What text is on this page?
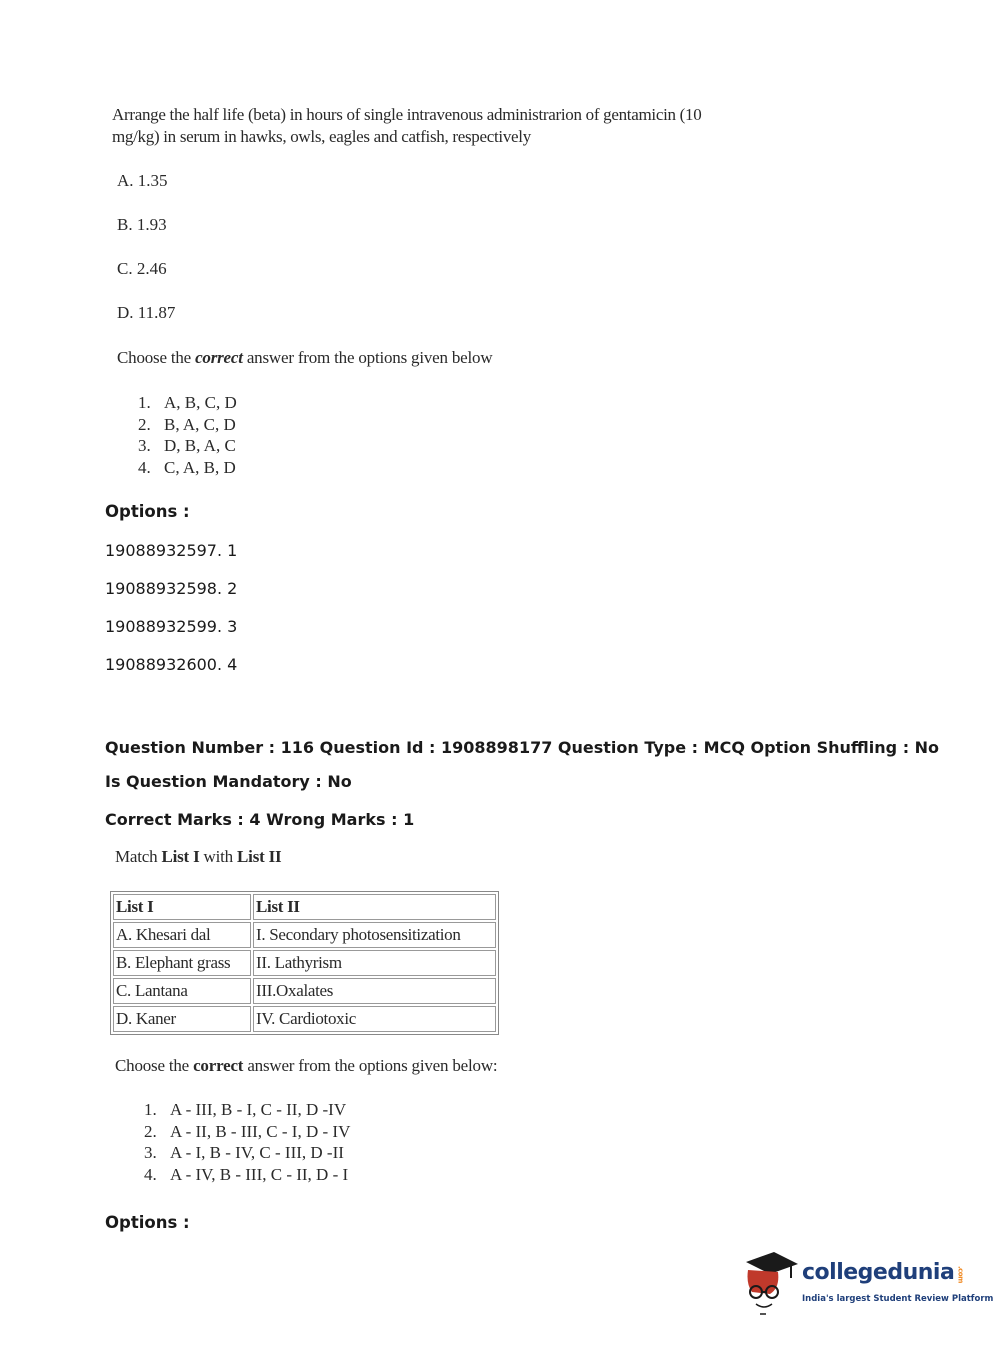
Arrange the half life (beta) in hours of single intravenous administrarion of gentamicin (10 mg/kg) in serum in hawks, owls, eagles and catfish, respectively
A. 1.35
B. 1.93
C. 2.46
D. 11.87
Choose the correct answer from the options given below
1. A, B, C, D
2. B, A, C, D
3. D, B, A, C
4. C, A, B, D
Options :
19088932597. 1
19088932598. 2
19088932599. 3
19088932600. 4
Question Number : 116 Question Id : 1908898177 Question Type : MCQ Option Shuffling : No
Is Question Mandatory : No
Correct Marks : 4 Wrong Marks : 1
Match List I with List II
List I	List II
A. Khesari dal	I. Secondary photosensitization
B. Elephant grass	II. Lathyrism
C. Lantana	III.Oxalates
D. Kaner	IV. Cardiotoxic
Choose the correct answer from the options given below:
1. A - III, B - I, C - II, D -IV
2. A - II, B - III, C - I, D - IV
3. A - I, B - IV, C - III, D -II
4. A - IV, B - III, C - II, D - I
Options :
collegedunia .com
India's largest Student Review Platform
